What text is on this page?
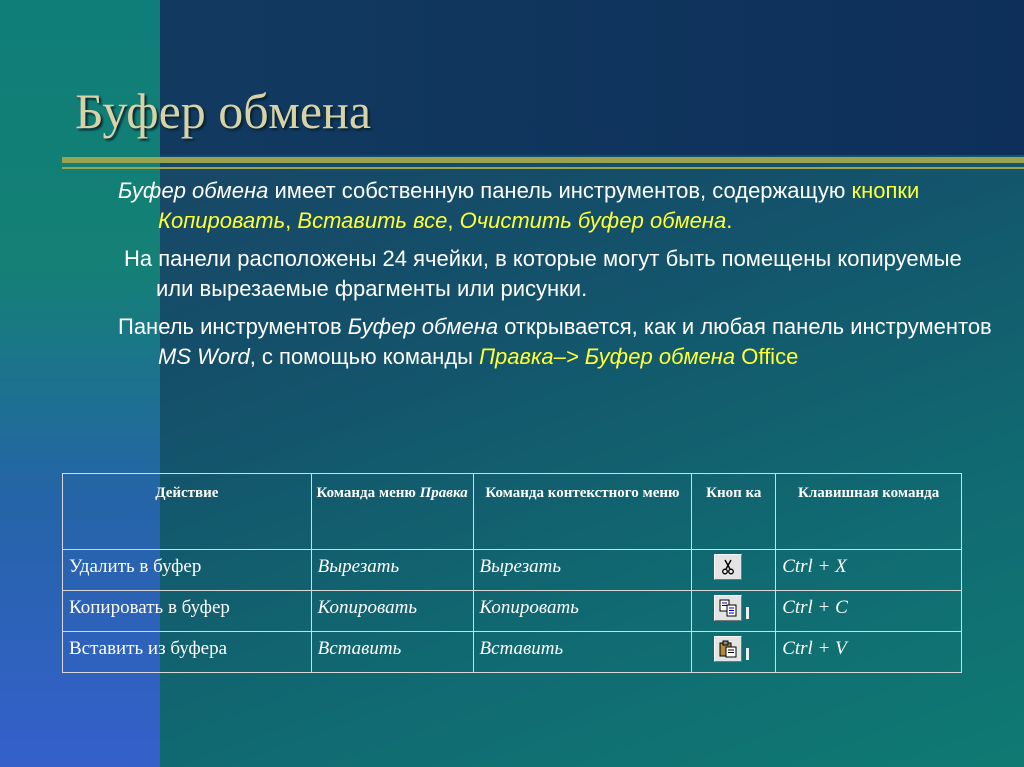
Буфер обмена

Буфер обмена имеет собственную панель инструментов, содержащую кнопки Копировать, Вставить все, Очистить буфер обмена.

На панели расположены 24 ячейки, в которые могут быть помещены копируемые или вырезаемые фрагменты или рисунки.

Панель инструментов Буфер обмена открывается, как и любая панель инструментов MS Word, с помощью команды Правка–> Буфер обмена Office

Действие	Команда меню Правка	Команда контекстного меню	Кноп ка	Клавишная команда
Удалить в буфер	Вырезать	Вырезать		Ctrl + X
Копировать в буфер	Копировать	Копировать		Ctrl + C
Вставить из буфера	Вставить	Вставить		Ctrl + V
